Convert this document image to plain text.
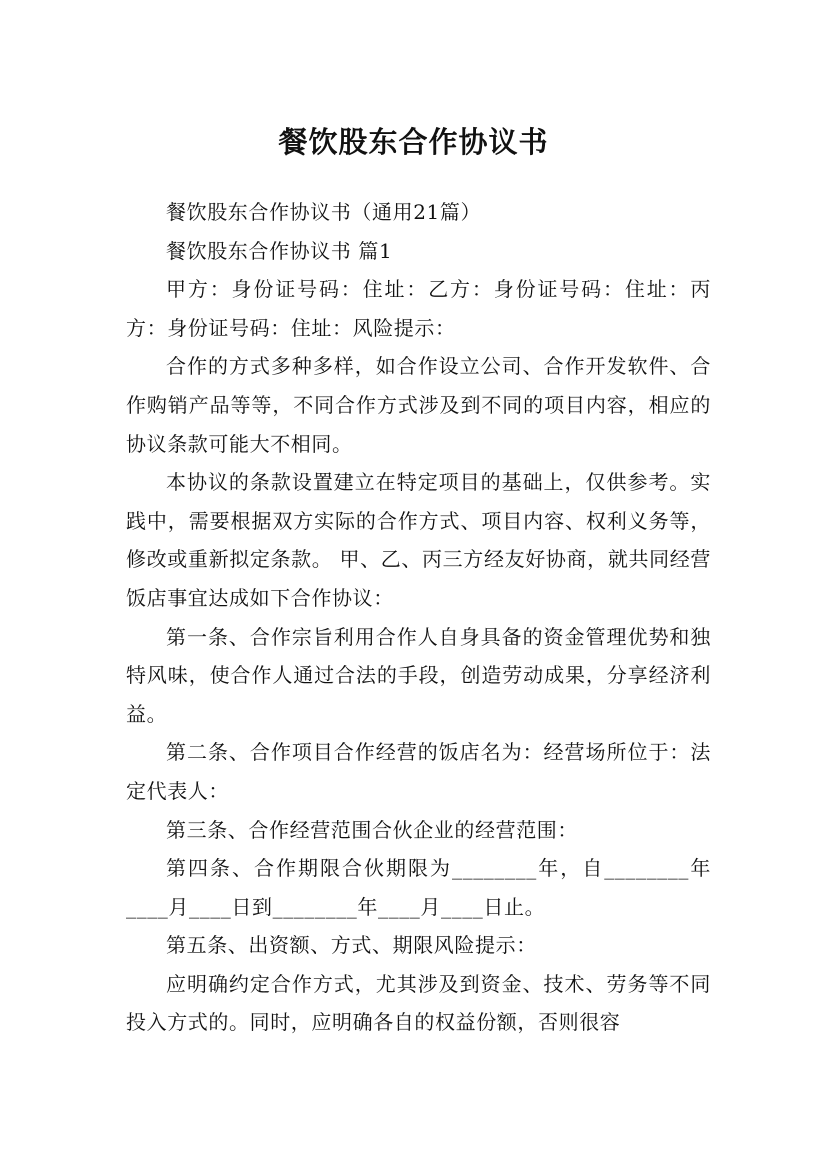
餐饮股东合作协议书

餐饮股东合作协议书（通用21篇）

餐饮股东合作协议书 篇1

甲方：身份证号码：住址：乙方：身份证号码：住址：丙方：身份证号码：住址：风险提示：

合作的方式多种多样，如合作设立公司、合作开发软件、合作购销产品等等，不同合作方式涉及到不同的项目内容，相应的协议条款可能大不相同。

本协议的条款设置建立在特定项目的基础上，仅供参考。实践中，需要根据双方实际的合作方式、项目内容、权利义务等，修改或重新拟定条款。 甲、乙、丙三方经友好协商，就共同经营饭店事宜达成如下合作协议：

第一条、合作宗旨利用合作人自身具备的资金管理优势和独特风味，使合作人通过合法的手段，创造劳动成果，分享经济利益。

第二条、合作项目合作经营的饭店名为：经营场所位于：法定代表人：

第三条、合作经营范围合伙企业的经营范围：

第四条、合作期限合伙期限为________年，自________年____月____日到________年____月____日止。

第五条、出资额、方式、期限风险提示：

应明确约定合作方式，尤其涉及到资金、技术、劳务等不同投入方式的。同时，应明确各自的权益份额，否则很容
